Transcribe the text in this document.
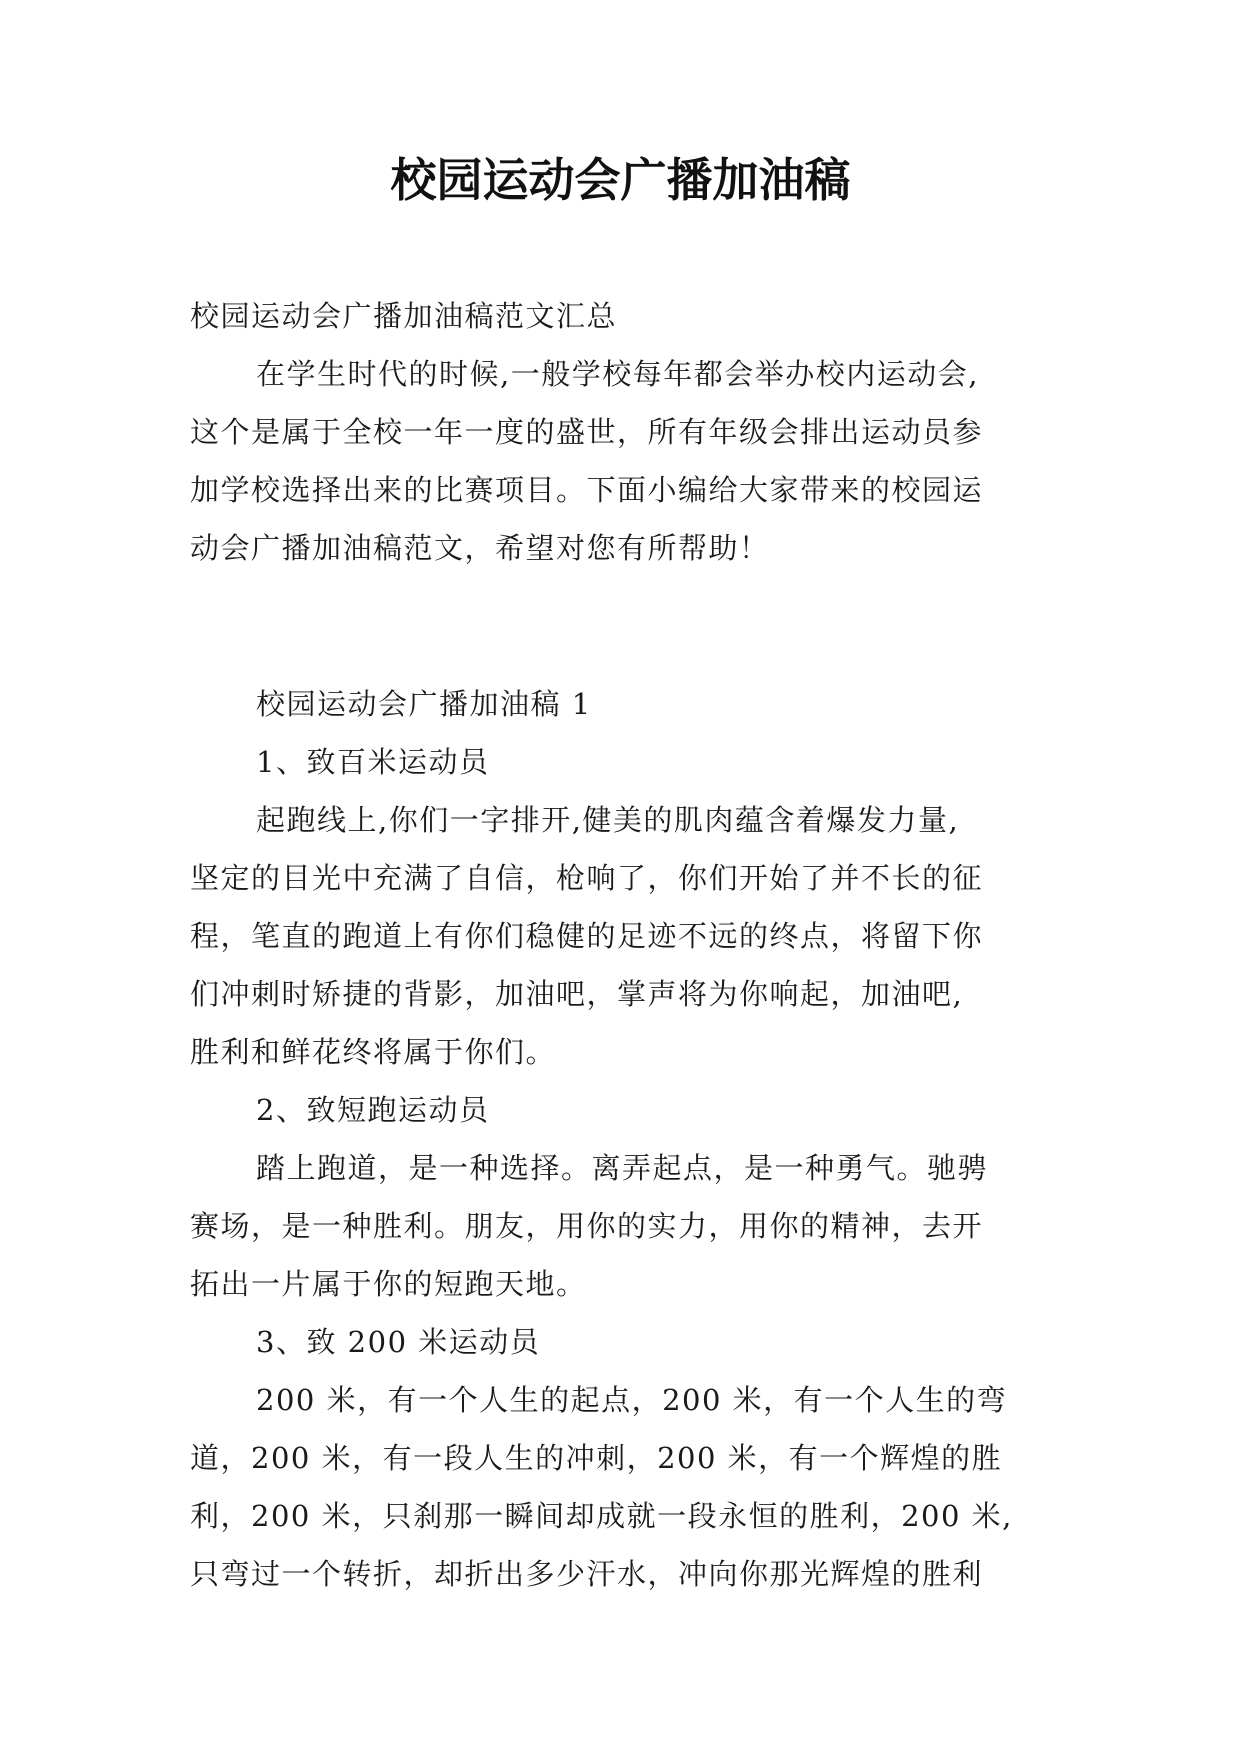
校园运动会广播加油稿

校园运动会广播加油稿范文汇总

在学生时代的时候,一般学校每年都会举办校内运动会,

这个是属于全校一年一度的盛世，所有年级会排出运动员参

加学校选择出来的比赛项目。下面小编给大家带来的校园运

动会广播加油稿范文，希望对您有所帮助！

校园运动会广播加油稿 1

1、致百米运动员

起跑线上,你们一字排开,健美的肌肉蕴含着爆发力量,

坚定的目光中充满了自信，枪响了，你们开始了并不长的征

程，笔直的跑道上有你们稳健的足迹不远的终点，将留下你

们冲刺时矫捷的背影，加油吧，掌声将为你响起，加油吧,

胜利和鲜花终将属于你们。

2、致短跑运动员

踏上跑道，是一种选择。离弄起点，是一种勇气。驰骋

赛场，是一种胜利。朋友，用你的实力，用你的精神，去开

拓出一片属于你的短跑天地。

3、致 200 米运动员

200 米，有一个人生的起点，200 米，有一个人生的弯

道，200 米，有一段人生的冲刺，200 米，有一个辉煌的胜

利，200 米，只刹那一瞬间却成就一段永恒的胜利，200 米,

只弯过一个转折，却折出多少汗水，冲向你那光辉煌的胜利
